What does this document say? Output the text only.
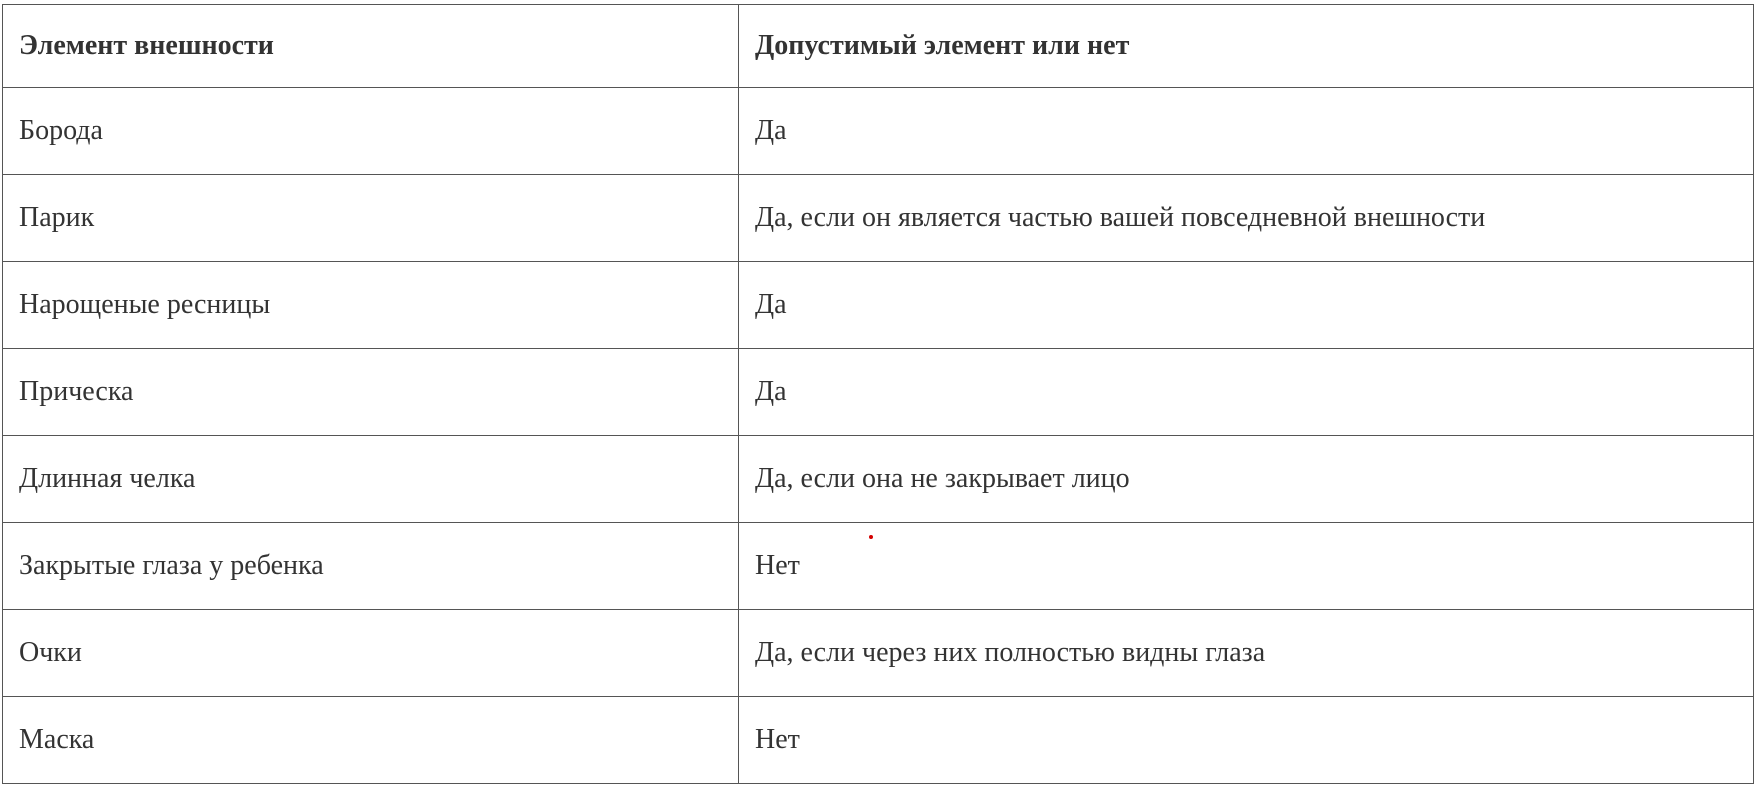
Элемент внешности	Допустимый элемент или нет
Борода	Да
Парик	Да, если он является частью вашей повседневной внешности
Нарощеные ресницы	Да
Прическа	Да
Длинная челка	Да, если она не закрывает лицо
Закрытые глаза у ребенка	Нет
Очки	Да, если через них полностью видны глаза
Маска	Нет
